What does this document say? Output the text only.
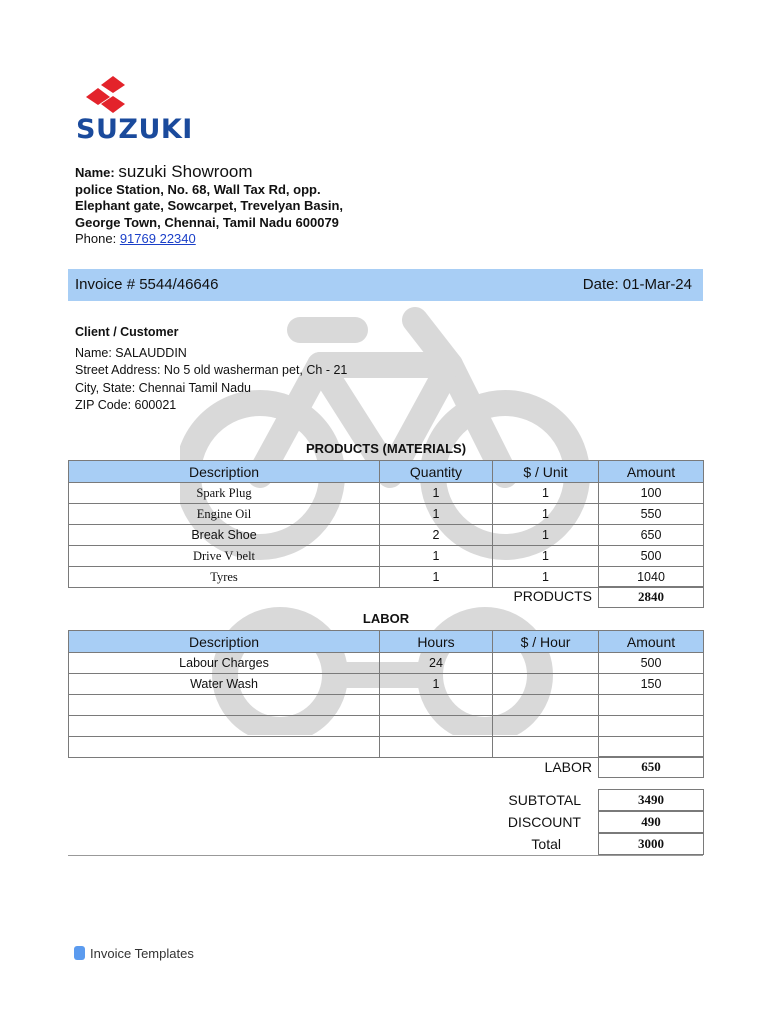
SUZUKI
Name: suzuki Showroom
police Station, No. 68, Wall Tax Rd, opp.
Elephant gate, Sowcarpet, Trevelyan Basin,
George Town, Chennai, Tamil Nadu 600079
Phone: 91769 22340
Invoice # 5544/46646	Date: 01-Mar-24
Client / Customer
Name: SALAUDDIN
Street Address: No 5 old washerman pet, Ch - 21
City, State: Chennai Tamil Nadu
ZIP Code: 600021
PRODUCTS (MATERIALS)
Description	Quantity	$ / Unit	Amount
Spark Plug	1	1	100
Engine Oil	1	1	550
Break Shoe	2	1	650
Drive V belt	1	1	500
Tyres	1	1	1040
PRODUCTS	2840
LABOR
Description	Hours	$ / Hour	Amount
Labour Charges	24		500
Water Wash	1		150

LABOR	650
SUBTOTAL	3490
DISCOUNT	490
Total	3000
Invoice Templates
